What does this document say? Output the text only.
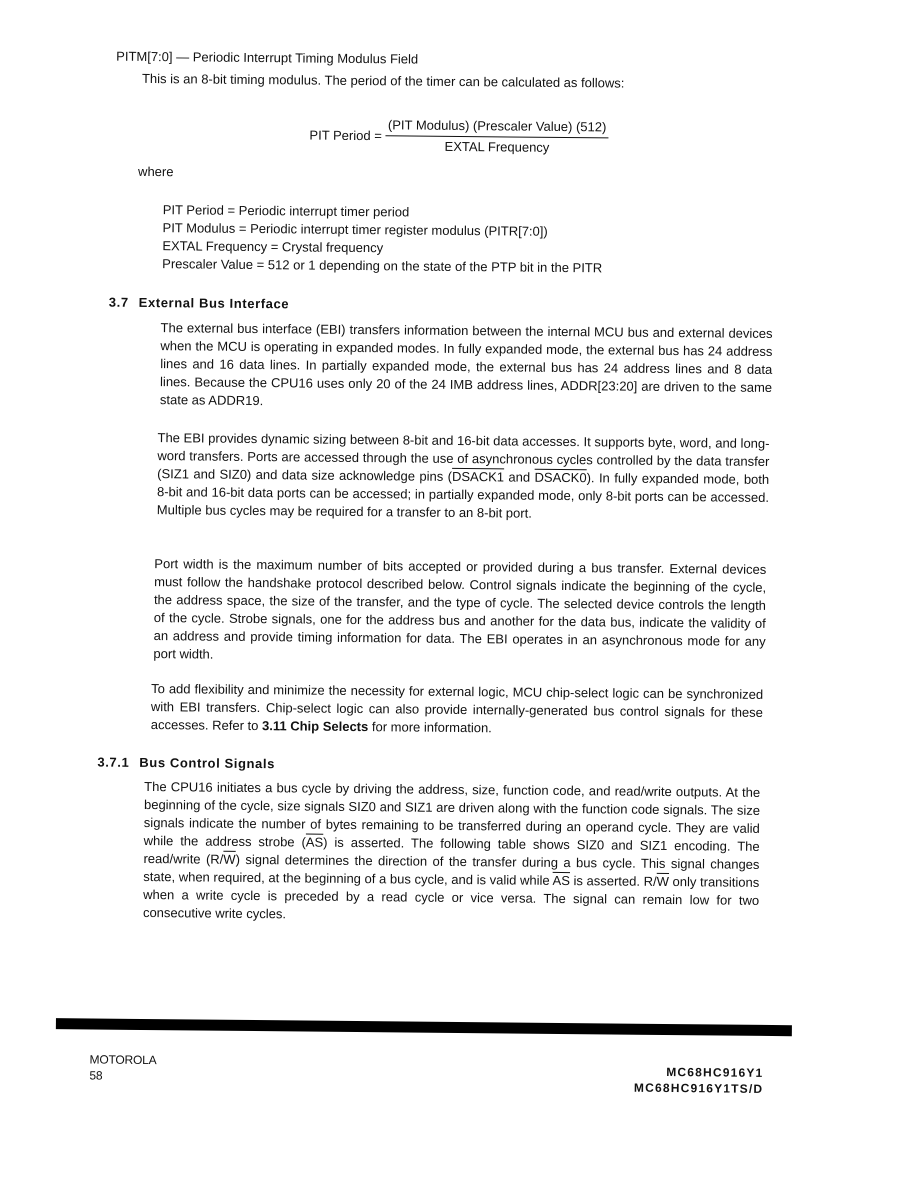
PITM[7:0] — Periodic Interrupt Timing Modulus Field
This is an 8-bit timing modulus. The period of the timer can be calculated as follows:
PIT Period = $\frac{\text{(PIT Modulus) (Prescaler Value) (512)}}{\text{EXTAL Frequency}}$
where
PIT Period = Periodic interrupt timer period
PIT Modulus = Periodic interrupt timer register modulus (PITR[7:0])
EXTAL Frequency = Crystal frequency
Prescaler Value = 512 or 1 depending on the state of the PTP bit in the PITR
3.7 External Bus Interface
The external bus interface (EBI) transfers information between the internal MCU bus and external devices when the MCU is operating in expanded modes. In fully expanded mode, the external bus has 24 address lines and 16 data lines. In partially expanded mode, the external bus has 24 address lines and 8 data lines. Because the CPU16 uses only 20 of the 24 IMB address lines, ADDR[23:20] are driven to the same state as ADDR19.
The EBI provides dynamic sizing between 8-bit and 16-bit data accesses. It supports byte, word, and long-word transfers. Ports are accessed through the use of asynchronous cycles controlled by the data transfer (SIZ1 and SIZ0) and data size acknowledge pins (DSACK1 and DSACK0). In fully expanded mode, both 8-bit and 16-bit data ports can be accessed; in partially expanded mode, only 8-bit ports can be accessed. Multiple bus cycles may be required for a transfer to an 8-bit port.
Port width is the maximum number of bits accepted or provided during a bus transfer. External devices must follow the handshake protocol described below. Control signals indicate the beginning of the cycle, the address space, the size of the transfer, and the type of cycle. The selected device controls the length of the cycle. Strobe signals, one for the address bus and another for the data bus, indicate the validity of an address and provide timing information for data. The EBI operates in an asynchronous mode for any port width.
To add flexibility and minimize the necessity for external logic, MCU chip-select logic can be synchronized with EBI transfers. Chip-select logic can also provide internally-generated bus control signals for these accesses. Refer to 3.11 Chip Selects for more information.
3.7.1 Bus Control Signals
The CPU16 initiates a bus cycle by driving the address, size, function code, and read/write outputs. At the beginning of the cycle, size signals SIZ0 and SIZ1 are driven along with the function code signals. The size signals indicate the number of bytes remaining to be transferred during an operand cycle. They are valid while the address strobe $(\overline{AS})$ is asserted. The following table shows SIZ0 and SIZ1 encoding. The read/write $(R/\overline{W})$ signal determines the direction of the transfer during a bus cycle. This signal changes state, when required, at the beginning of a bus cycle, and is valid while $\overline{AS}$ is asserted. $R/\overline{W}$ only transitions when a write cycle is preceded by a read cycle or vice versa. The signal can remain low for two consecutive write cycles.
MOTOROLA
58	MC68HC916Y1
MC68HC916Y1TS/D
